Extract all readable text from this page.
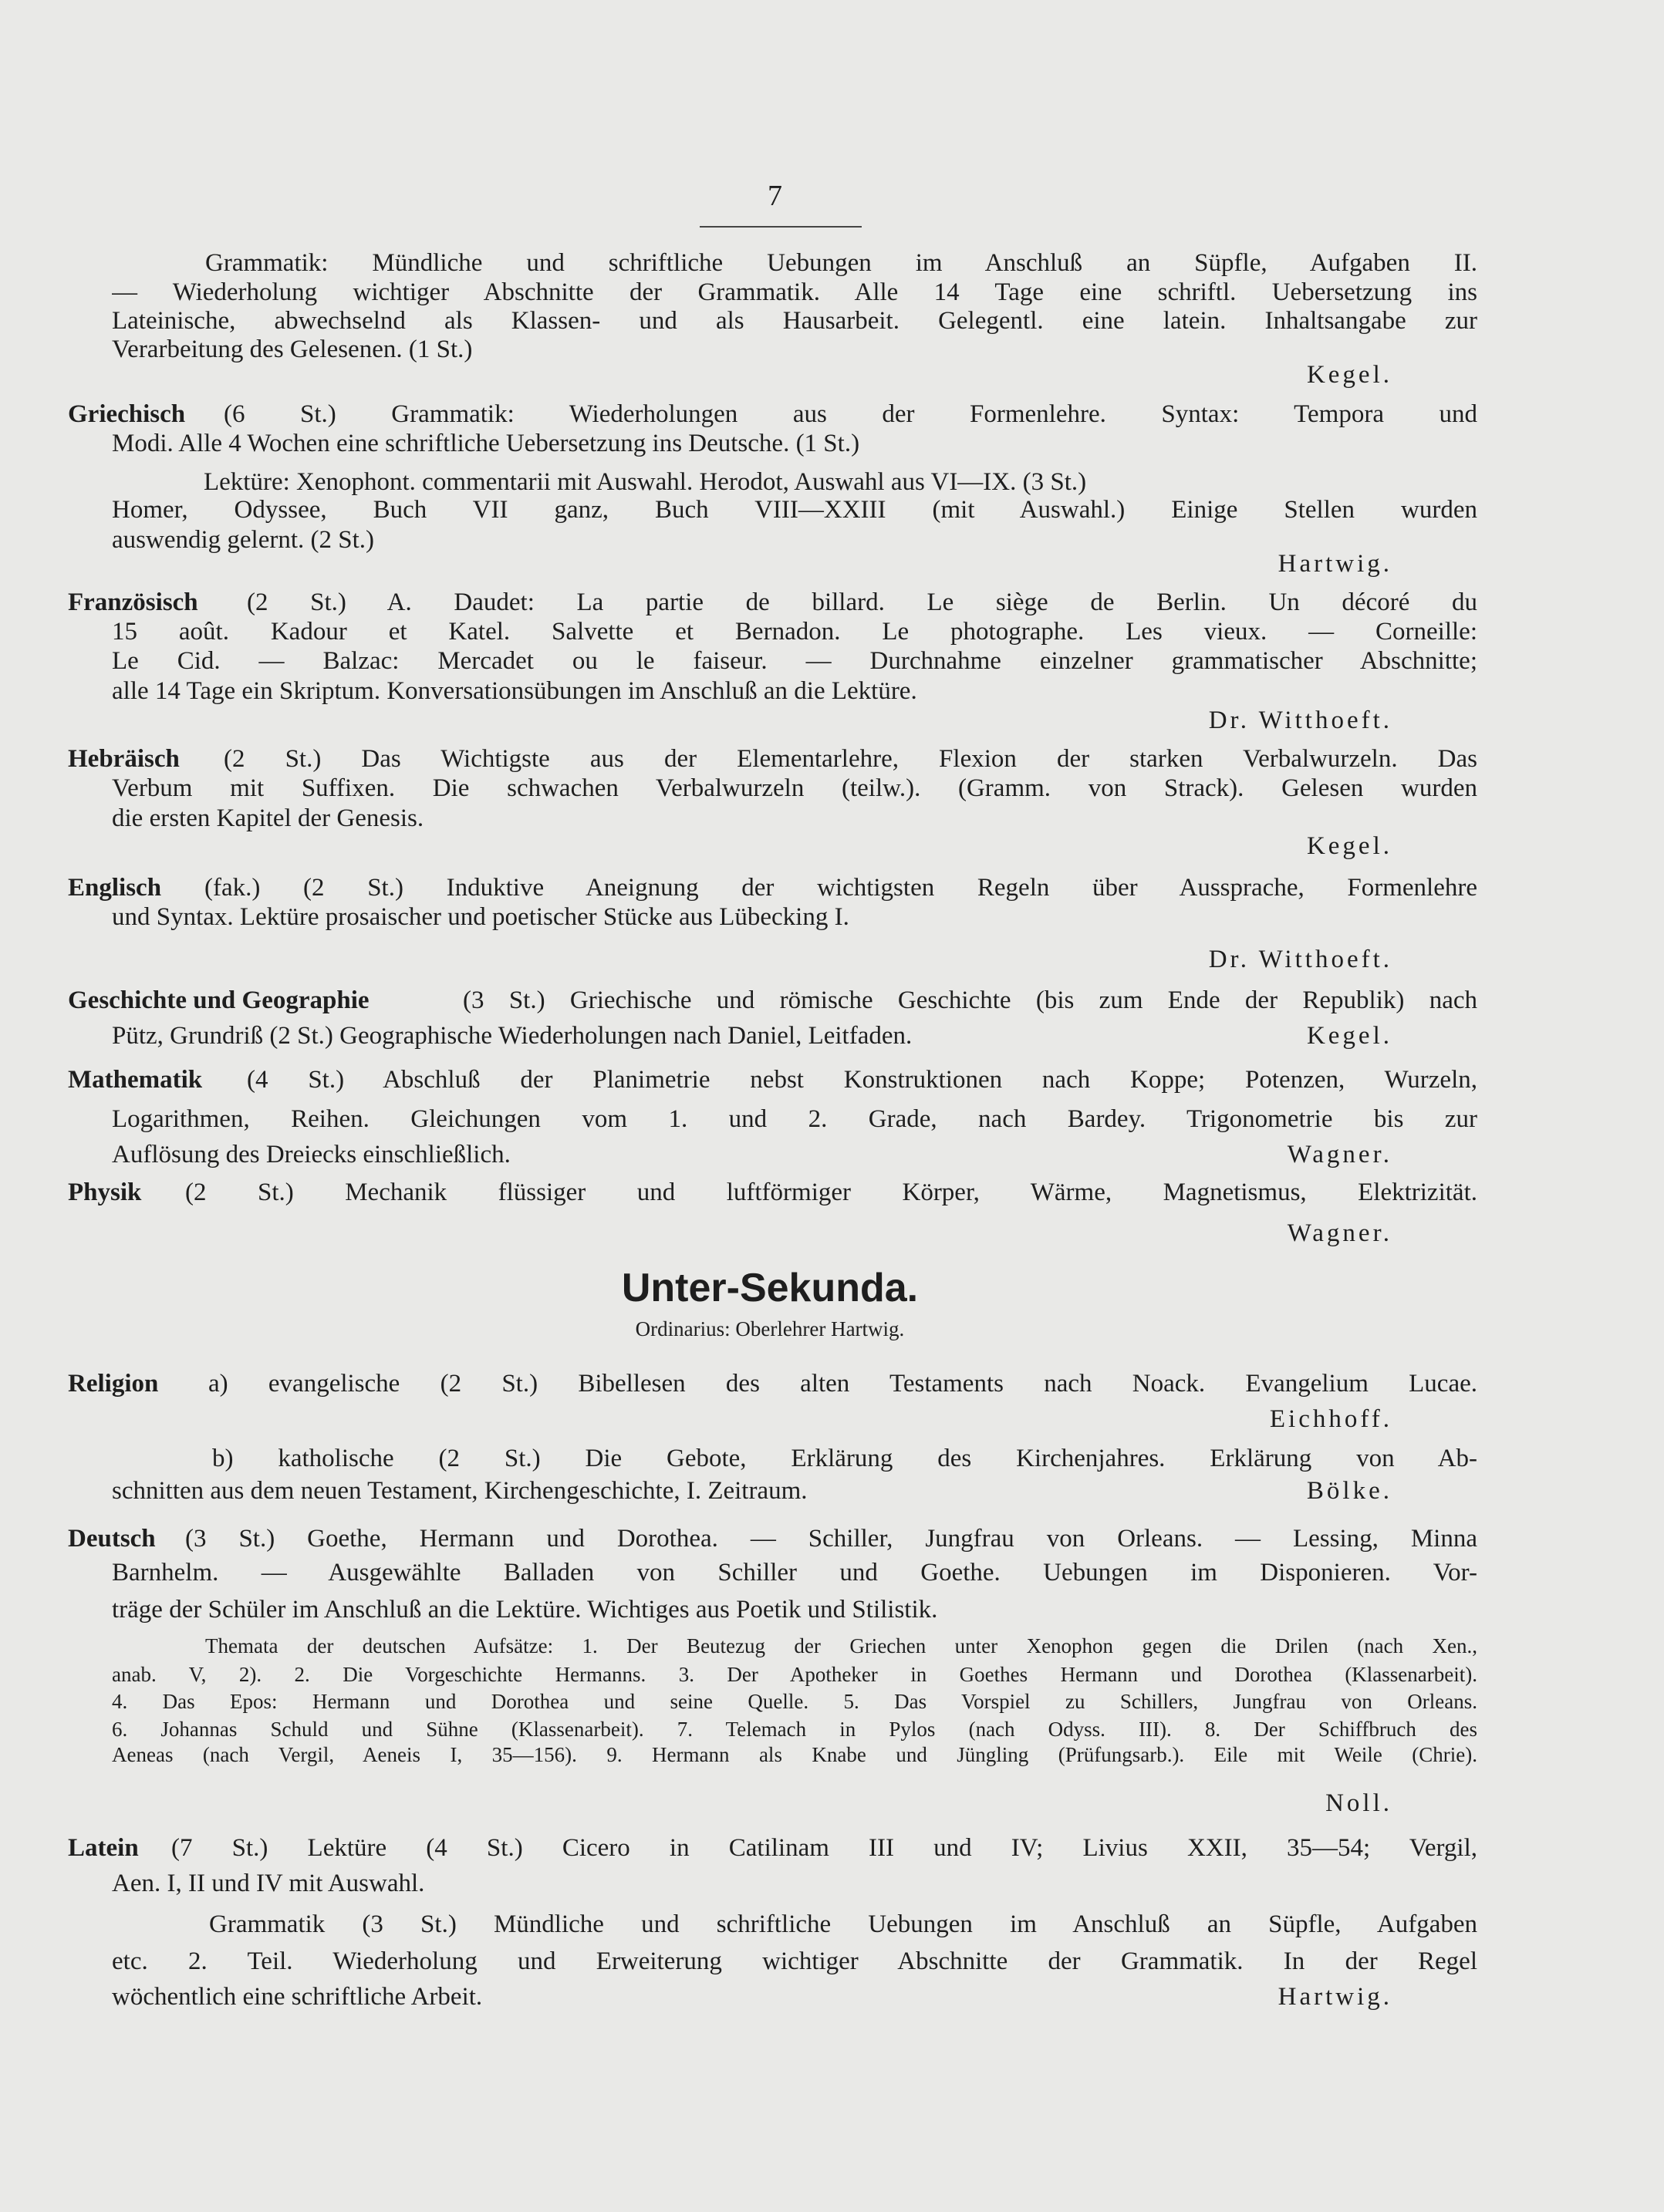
7
Grammatik: Mündliche und schriftliche Uebungen im Anschluß an Süpfle, Aufgaben II.
— Wiederholung wichtiger Abschnitte der Grammatik. Alle 14 Tage eine schriftl. Uebersetzung ins
Lateinische, abwechselnd als Klassen- und als Hausarbeit. Gelegentl. eine latein. Inhaltsangabe zur
Verarbeitung des Gelesenen. (1 St.)
Kegel.
Griechisch (6 St.) Grammatik: Wiederholungen aus der Formenlehre. Syntax: Tempora und
Modi. Alle 4 Wochen eine schriftliche Uebersetzung ins Deutsche. (1 St.)
Lektüre: Xenophont. commentarii mit Auswahl. Herodot, Auswahl aus VI—IX. (3 St.)
Homer, Odyssee, Buch VII ganz, Buch VIII—XXIII (mit Auswahl.) Einige Stellen wurden
auswendig gelernt. (2 St.)
Hartwig.
Französisch (2 St.) A. Daudet: La partie de billard. Le siège de Berlin. Un décoré du
15 août. Kadour et Katel. Salvette et Bernadon. Le photographe. Les vieux. — Corneille:
Le Cid. — Balzac: Mercadet ou le faiseur. — Durchnahme einzelner grammatischer Abschnitte;
alle 14 Tage ein Skriptum. Konversationsübungen im Anschluß an die Lektüre.
Dr. Witthoeft.
Hebräisch (2 St.) Das Wichtigste aus der Elementarlehre, Flexion der starken Verbalwurzeln. Das
Verbum mit Suffixen. Die schwachen Verbalwurzeln (teilw.). (Gramm. von Strack). Gelesen wurden
die ersten Kapitel der Genesis.
Kegel.
Englisch (fak.) (2 St.) Induktive Aneignung der wichtigsten Regeln über Aussprache, Formenlehre
und Syntax. Lektüre prosaischer und poetischer Stücke aus Lübecking I.
Dr. Witthoeft.
Geschichte und Geographie	(3 St.) Griechische und römische Geschichte (bis zum Ende der Republik) nach
Pütz, Grundriß (2 St.) Geographische Wiederholungen nach Daniel, Leitfaden.	Kegel.
Mathematik (4 St.) Abschluß der Planimetrie nebst Konstruktionen nach Koppe; Potenzen, Wurzeln,
Logarithmen, Reihen. Gleichungen vom 1. und 2. Grade, nach Bardey. Trigonometrie bis zur
Auflösung des Dreiecks einschließlich.	Wagner.
Physik (2 St.) Mechanik flüssiger und luftförmiger Körper, Wärme, Magnetismus, Elektrizität.
Wagner.
Unter-Sekunda.
Ordinarius: Oberlehrer Hartwig.
Religion a) evangelische (2 St.) Bibellesen des alten Testaments nach Noack. Evangelium Lucae.
Eichhoff.
b) katholische (2 St.) Die Gebote, Erklärung des Kirchenjahres. Erklärung von Ab-
schnitten aus dem neuen Testament, Kirchengeschichte, I. Zeitraum.	Bölke.
Deutsch (3 St.) Goethe, Hermann und Dorothea. — Schiller, Jungfrau von Orleans. — Lessing, Minna
Barnhelm. — Ausgewählte Balladen von Schiller und Goethe. Uebungen im Disponieren. Vor-
träge der Schüler im Anschluß an die Lektüre. Wichtiges aus Poetik und Stilistik.
Themata der deutschen Aufsätze: 1. Der Beutezug der Griechen unter Xenophon gegen die Drilen (nach Xen.,
anab. V, 2). 2. Die Vorgeschichte Hermanns. 3. Der Apotheker in Goethes Hermann und Dorothea (Klassenarbeit).
4. Das Epos: Hermann und Dorothea und seine Quelle. 5. Das Vorspiel zu Schillers, Jungfrau von Orleans.
6. Johannas Schuld und Sühne (Klassenarbeit). 7. Telemach in Pylos (nach Odyss. III). 8. Der Schiffbruch des
Aeneas (nach Vergil, Aeneis I, 35—156). 9. Hermann als Knabe und Jüngling (Prüfungsarb.). Eile mit Weile (Chrie).
Noll.
Latein (7 St.) Lektüre (4 St.) Cicero in Catilinam III und IV; Livius XXII, 35—54; Vergil,
Aen. I, II und IV mit Auswahl.
Grammatik (3 St.) Mündliche und schriftliche Uebungen im Anschluß an Süpfle, Aufgaben
etc. 2. Teil. Wiederholung und Erweiterung wichtiger Abschnitte der Grammatik. In der Regel
wöchentlich eine schriftliche Arbeit.	Hartwig.
